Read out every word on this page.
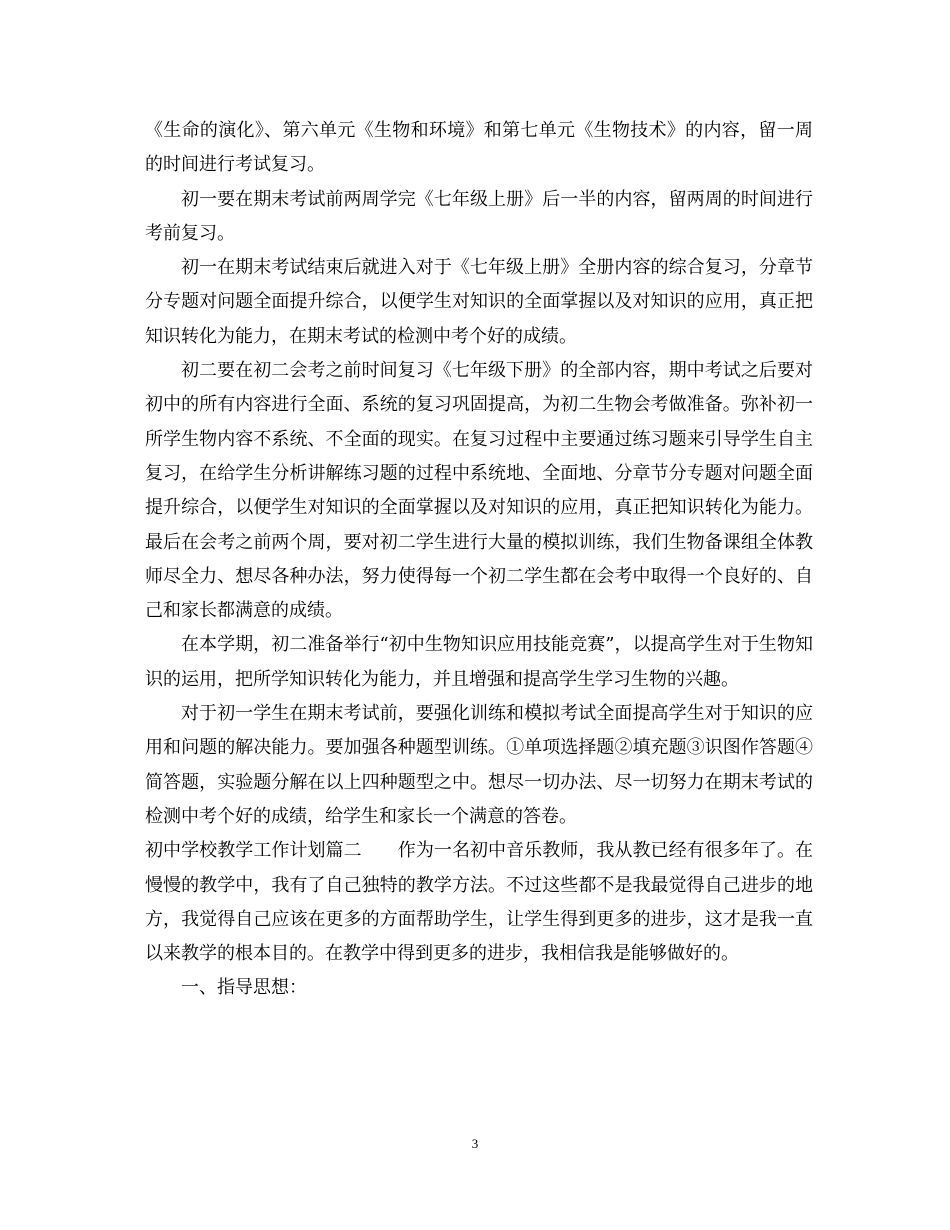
《生命的演化》、第六单元《生物和环境》和第七单元《生物技术》的内容，留一周的时间进行考试复习。

初一要在期末考试前两周学完《七年级上册》后一半的内容，留两周的时间进行考前复习。

初一在期末考试结束后就进入对于《七年级上册》全册内容的综合复习，分章节分专题对问题全面提升综合，以便学生对知识的全面掌握以及对知识的应用，真正把知识转化为能力，在期末考试的检测中考个好的成绩。

初二要在初二会考之前时间复习《七年级下册》的全部内容，期中考试之后要对初中的所有内容进行全面、系统的复习巩固提高，为初二生物会考做准备。弥补初一所学生物内容不系统、不全面的现实。在复习过程中主要通过练习题来引导学生自主复习，在给学生分析讲解练习题的过程中系统地、全面地、分章节分专题对问题全面提升综合，以便学生对知识的全面掌握以及对知识的应用，真正把知识转化为能力。最后在会考之前两个周，要对初二学生进行大量的模拟训练，我们生物备课组全体教师尽全力、想尽各种办法，努力使得每一个初二学生都在会考中取得一个良好的、自己和家长都满意的成绩。

在本学期，初二准备举行“初中生物知识应用技能竞赛”，以提高学生对于生物知识的运用，把所学知识转化为能力，并且增强和提高学生学习生物的兴趣。

对于初一学生在期末考试前，要强化训练和模拟考试全面提高学生对于知识的应用和问题的解决能力。要加强各种题型训练。①单项选择题②填充题③识图作答题④简答题，实验题分解在以上四种题型之中。想尽一切办法、尽一切努力在期末考试的检测中考个好的成绩，给学生和家长一个满意的答卷。

初中学校教学工作计划篇二　　作为一名初中音乐教师，我从教已经有很多年了。在慢慢的教学中，我有了自己独特的教学方法。不过这些都不是我最觉得自己进步的地方，我觉得自己应该在更多的方面帮助学生，让学生得到更多的进步，这才是我一直以来教学的根本目的。在教学中得到更多的进步，我相信我是能够做好的。

一、指导思想：

3
